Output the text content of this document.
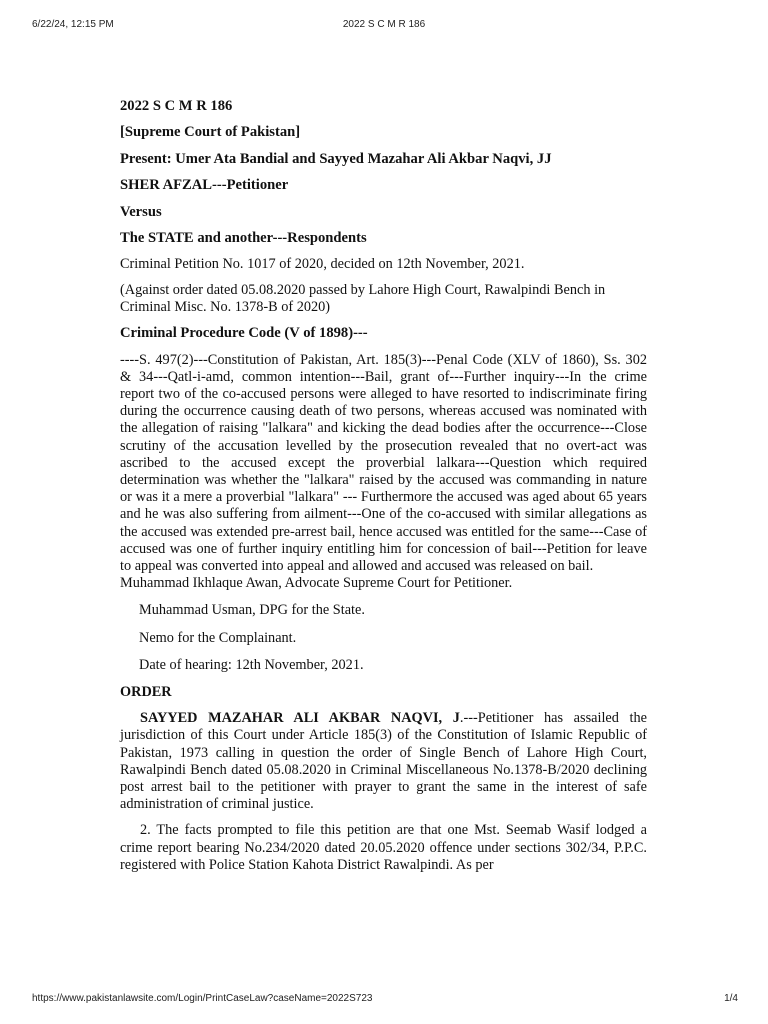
6/22/24, 12:15 PM	2022 S C M R 186

2022 S C M R 186

[Supreme Court of Pakistan]

Present: Umer Ata Bandial and Sayyed Mazahar Ali Akbar Naqvi, JJ

SHER AFZAL---Petitioner

Versus

The STATE and another---Respondents

Criminal Petition No. 1017 of 2020, decided on 12th November, 2021.

(Against order dated 05.08.2020 passed by Lahore High Court, Rawalpindi Bench in Criminal Misc. No. 1378-B of 2020)

Criminal Procedure Code (V of 1898)---

----S. 497(2)---Constitution of Pakistan, Art. 185(3)---Penal Code (XLV of 1860), Ss. 302 & 34---Qatl-i-amd, common intention---Bail, grant of---Further inquiry---In the crime report two of the co-accused persons were alleged to have resorted to indiscriminate firing during the occurrence causing death of two persons, whereas accused was nominated with the allegation of raising "lalkara" and kicking the dead bodies after the occurrence---Close scrutiny of the accusation levelled by the prosecution revealed that no overt-act was ascribed to the accused except the proverbial lalkara---Question which required determination was whether the "lalkara" raised by the accused was commanding in nature or was it a mere a proverbial "lalkara" --- Furthermore the accused was aged about 65 years and he was also suffering from ailment---One of the co-accused with similar allegations as the accused was extended pre-arrest bail, hence accused was entitled for the same---Case of accused was one of further inquiry entitling him for concession of bail---Petition for leave to appeal was converted into appeal and allowed and accused was released on bail.

Muhammad Ikhlaque Awan, Advocate Supreme Court for Petitioner.

Muhammad Usman, DPG for the State.

Nemo for the Complainant.

Date of hearing: 12th November, 2021.

ORDER

SAYYED MAZAHAR ALI AKBAR NAQVI, J.---Petitioner has assailed the jurisdiction of this Court under Article 185(3) of the Constitution of Islamic Republic of Pakistan, 1973 calling in question the order of Single Bench of Lahore High Court, Rawalpindi Bench dated 05.08.2020 in Criminal Miscellaneous No.1378-B/2020 declining post arrest bail to the petitioner with prayer to grant the same in the interest of safe administration of criminal justice.

2. The facts prompted to file this petition are that one Mst. Seemab Wasif lodged a crime report bearing No.234/2020 dated 20.05.2020 offence under sections 302/34, P.P.C. registered with Police Station Kahota District Rawalpindi. As per

https://www.pakistanlawsite.com/Login/PrintCaseLaw?caseName=2022S723	1/4
